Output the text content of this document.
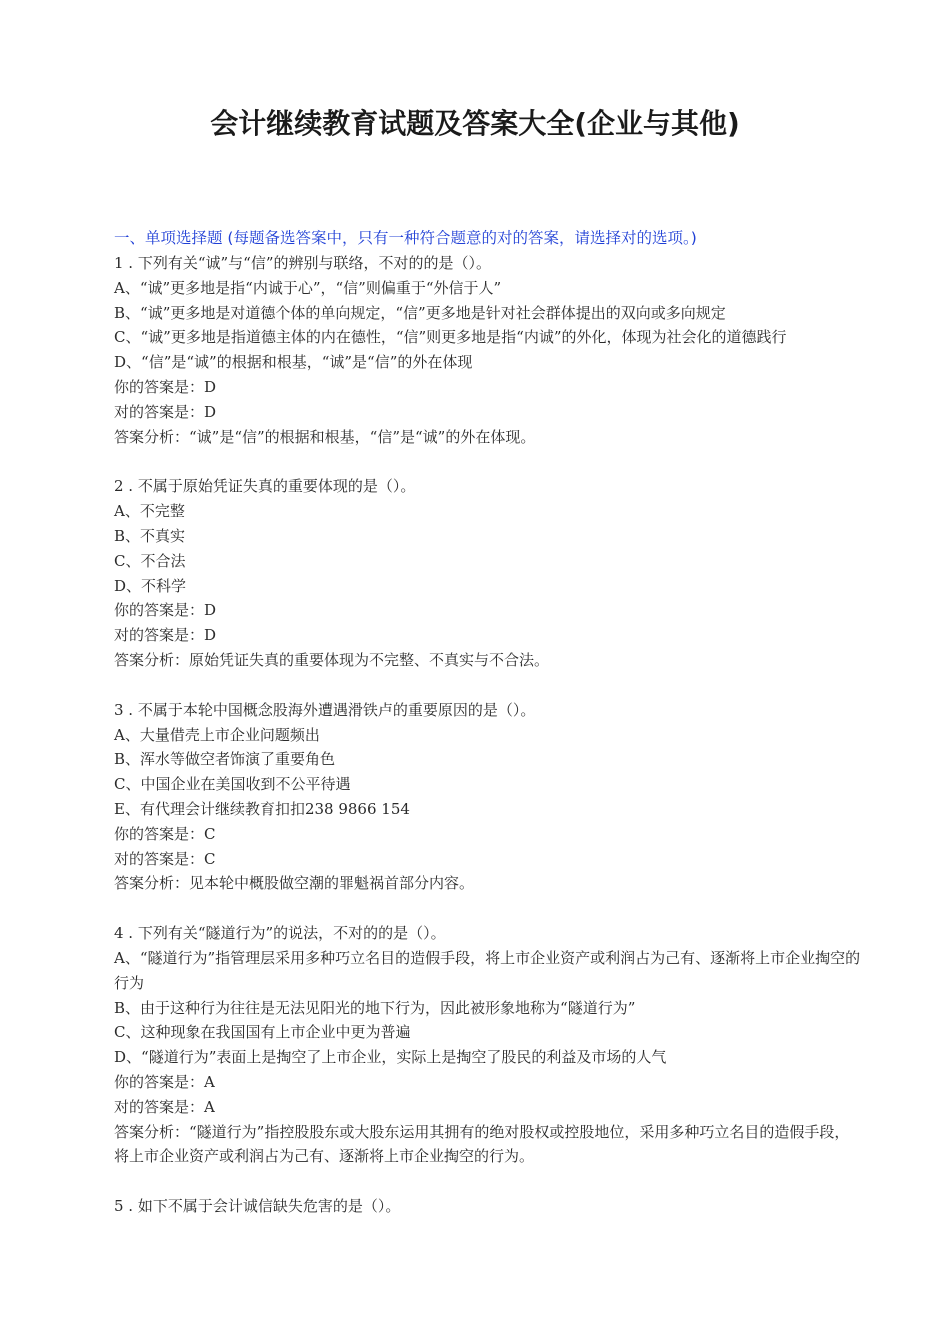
会计继续教育试题及答案大全(企业与其他)
一、单项选择题 (每题备选答案中，只有一种符合题意的对的答案，请选择对的选项。)

1 . 下列有关“诚”与“信”的辨别与联络，不对的的是（）。

A、“诚”更多地是指“内诚于心”，“信”则偏重于“外信于人”

B、“诚”更多地是对道德个体的单向规定，“信”更多地是针对社会群体提出的双向或多向规定

C、“诚”更多地是指道德主体的内在德性，“信”则更多地是指“内诚”的外化，体现为社会化的道德践行

D、“信”是“诚”的根据和根基，“诚”是“信”的外在体现

你的答案是：D

对的答案是：D

答案分析：“诚”是“信”的根据和根基，“信”是“诚”的外在体现。

2 . 不属于原始凭证失真的重要体现的是（）。

A、不完整

B、不真实

C、不合法

D、不科学

你的答案是：D

对的答案是：D

答案分析：原始凭证失真的重要体现为不完整、不真实与不合法。

3 . 不属于本轮中国概念股海外遭遇滑铁卢的重要原因的是（）。

A、大量借壳上市企业问题频出

B、浑水等做空者饰演了重要角色

C、中国企业在美国收到不公平待遇

E、有代理会计继续教育扣扣238 9866 154

你的答案是：C

对的答案是：C

答案分析：见本轮中概股做空潮的罪魁祸首部分内容。

4 . 下列有关“隧道行为”的说法，不对的的是（）。

A、“隧道行为”指管理层采用多种巧立名目的造假手段，将上市企业资产或利润占为己有、逐渐将上市企业掏空的行为

B、由于这种行为往往是无法见阳光的地下行为，因此被形象地称为“隧道行为”

C、这种现象在我国国有上市企业中更为普遍

D、“隧道行为”表面上是掏空了上市企业，实际上是掏空了股民的利益及市场的人气

你的答案是：A

对的答案是：A

答案分析：“隧道行为”指控股股东或大股东运用其拥有的绝对股权或控股地位，采用多种巧立名目的造假手段，将上市企业资产或利润占为己有、逐渐将上市企业掏空的行为。

5 . 如下不属于会计诚信缺失危害的是（）。
